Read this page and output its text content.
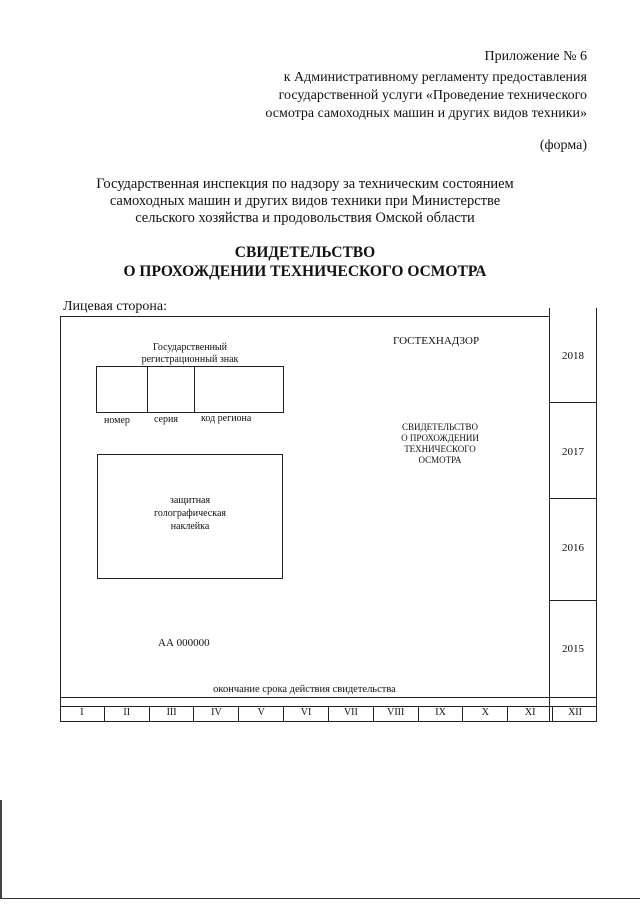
Приложение № 6
к Административному регламенту предоставления
государственной услуги «Проведение технического
осмотра самоходных машин и других видов техники»
(форма)
Государственная инспекция по надзору за техническим состоянием
самоходных машин и других видов техники при Министерстве
сельского хозяйства и продовольствия Омской области
СВИДЕТЕЛЬСТВО
О ПРОХОЖДЕНИИ ТЕХНИЧЕСКОГО ОСМОТРА
Лицевая сторона:
2018
2017
2016
2015
ГОСТЕХНАДЗОР
Государственный
регистрационный знак
номер серия код региона
защитная
голографическая
наклейка
СВИДЕТЕЛЬСТВО
О ПРОХОЖДЕНИИ
ТЕХНИЧЕСКОГО
ОСМОТРА
АА 000000
окончание срока действия свидетельства
I	II	III	IV	V	VI	VII	VIII	IX	X	XI	XII
